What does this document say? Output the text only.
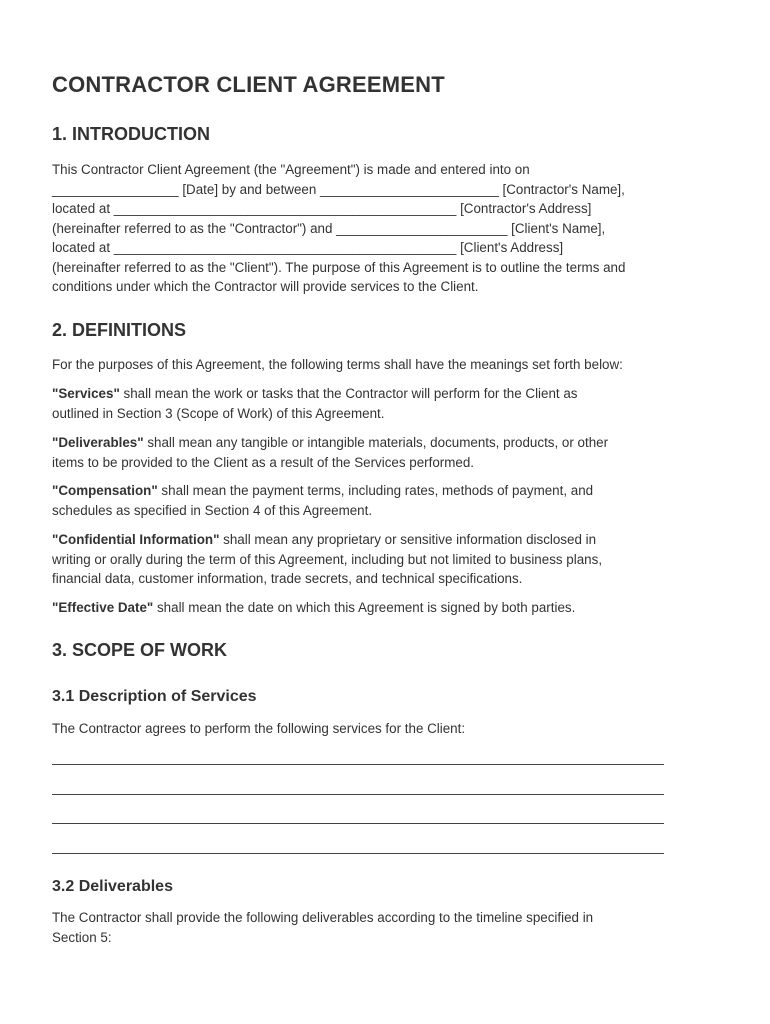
CONTRACTOR CLIENT AGREEMENT
1. INTRODUCTION
This Contractor Client Agreement (the "Agreement") is made and entered into on
_________________ [Date] by and between ________________________ [Contractor's Name],
located at ______________________________________________ [Contractor's Address]
(hereinafter referred to as the "Contractor") and _______________________ [Client's Name],
located at ______________________________________________ [Client's Address]
(hereinafter referred to as the "Client"). The purpose of this Agreement is to outline the terms and
conditions under which the Contractor will provide services to the Client.
2. DEFINITIONS

For the purposes of this Agreement, the following terms shall have the meanings set forth below:

"Services" shall mean the work or tasks that the Contractor will perform for the Client as
outlined in Section 3 (Scope of Work) of this Agreement.
"Deliverables" shall mean any tangible or intangible materials, documents, products, or other
items to be provided to the Client as a result of the Services performed.
"Compensation" shall mean the payment terms, including rates, methods of payment, and
schedules as specified in Section 4 of this Agreement.
"Confidential Information" shall mean any proprietary or sensitive information disclosed in
writing or orally during the term of this Agreement, including but not limited to business plans,
financial data, customer information, trade secrets, and technical specifications.
"Effective Date" shall mean the date on which this Agreement is signed by both parties.
3. SCOPE OF WORK
3.1 Description of Services

The Contractor agrees to perform the following services for the Client:

3.2 Deliverables
The Contractor shall provide the following deliverables according to the timeline specified in
Section 5:
